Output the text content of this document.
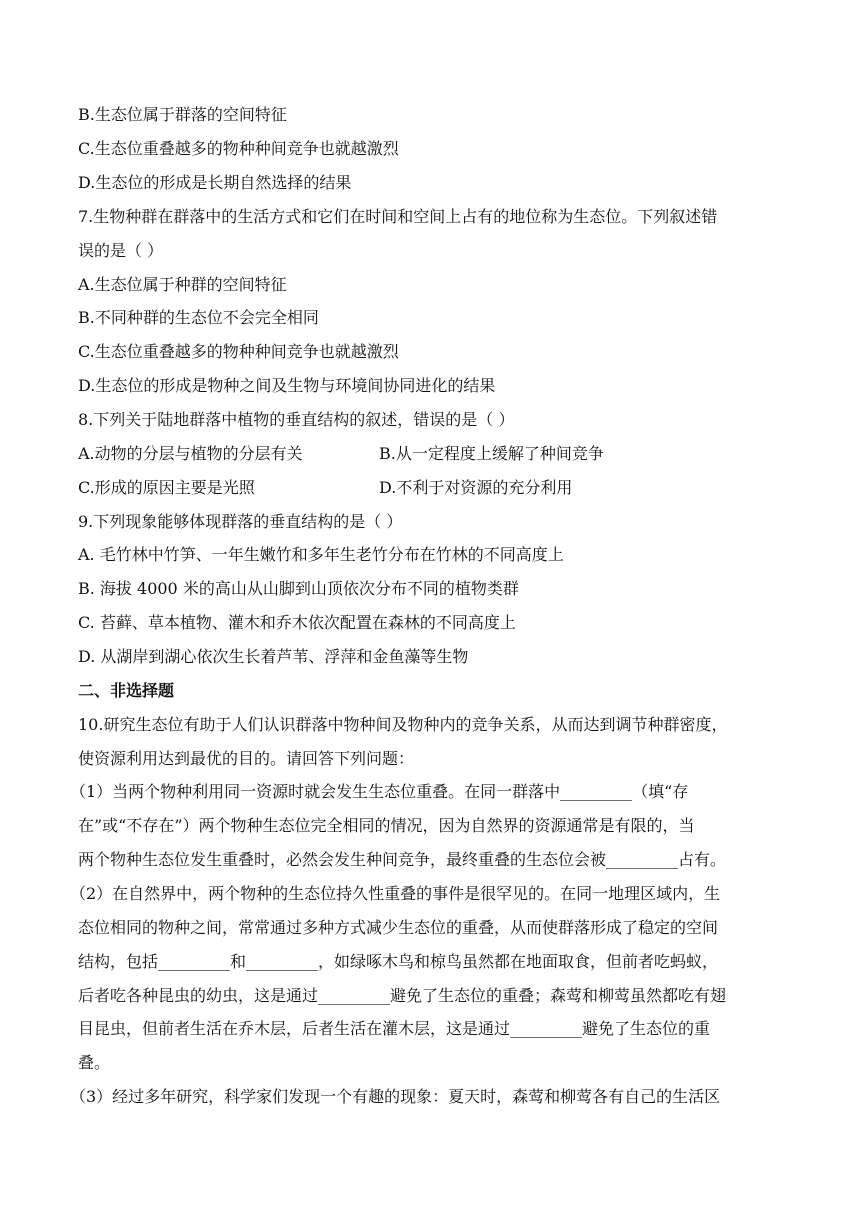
B.生态位属于群落的空间特征
C.生态位重叠越多的物种种间竞争也就越激烈
D.生态位的形成是长期自然选择的结果
7.生物种群在群落中的生活方式和它们在时间和空间上占有的地位称为生态位。下列叙述错
误的是（ ）
A.生态位属于种群的空间特征
B.不同种群的生态位不会完全相同
C.生态位重叠越多的物种种间竞争也就越激烈
D.生态位的形成是物种之间及生物与环境间协同进化的结果
8.下列关于陆地群落中植物的垂直结构的叙述，错误的是（ ）
A.动物的分层与植物的分层有关	B.从一定程度上缓解了种间竞争
C.形成的原因主要是光照	D.不利于对资源的充分利用
9.下列现象能够体现群落的垂直结构的是（ ）
A. 毛竹林中竹笋、一年生嫩竹和多年生老竹分布在竹林的不同高度上
B. 海拔 4000 米的高山从山脚到山顶依次分布不同的植物类群
C. 苔藓、草本植物、灌木和乔木依次配置在森林的不同高度上
D. 从湖岸到湖心依次生长着芦苇、浮萍和金鱼藻等生物
二、非选择题
10.研究生态位有助于人们认识群落中物种间及物种内的竞争关系，从而达到调节种群密度，
使资源利用达到最优的目的。请回答下列问题：
（1）当两个物种利用同一资源时就会发生生态位重叠。在同一群落中_________（填“存
在”或“不存在”）两个物种生态位完全相同的情况，因为自然界的资源通常是有限的，当
两个物种生态位发生重叠时，必然会发生种间竞争，最终重叠的生态位会被_________占有。
（2）在自然界中，两个物种的生态位持久性重叠的事件是很罕见的。在同一地理区域内，生
态位相同的物种之间，常常通过多种方式减少生态位的重叠，从而使群落形成了稳定的空间
结构，包括_________和_________，如绿啄木鸟和椋鸟虽然都在地面取食，但前者吃蚂蚁，
后者吃各种昆虫的幼虫，这是通过_________避免了生态位的重叠；森莺和柳莺虽然都吃有翅
目昆虫，但前者生活在乔木层，后者生活在灌木层，这是通过_________避免了生态位的重
叠。
（3）经过多年研究，科学家们发现一个有趣的现象：夏天时，森莺和柳莺各有自己的生活区
